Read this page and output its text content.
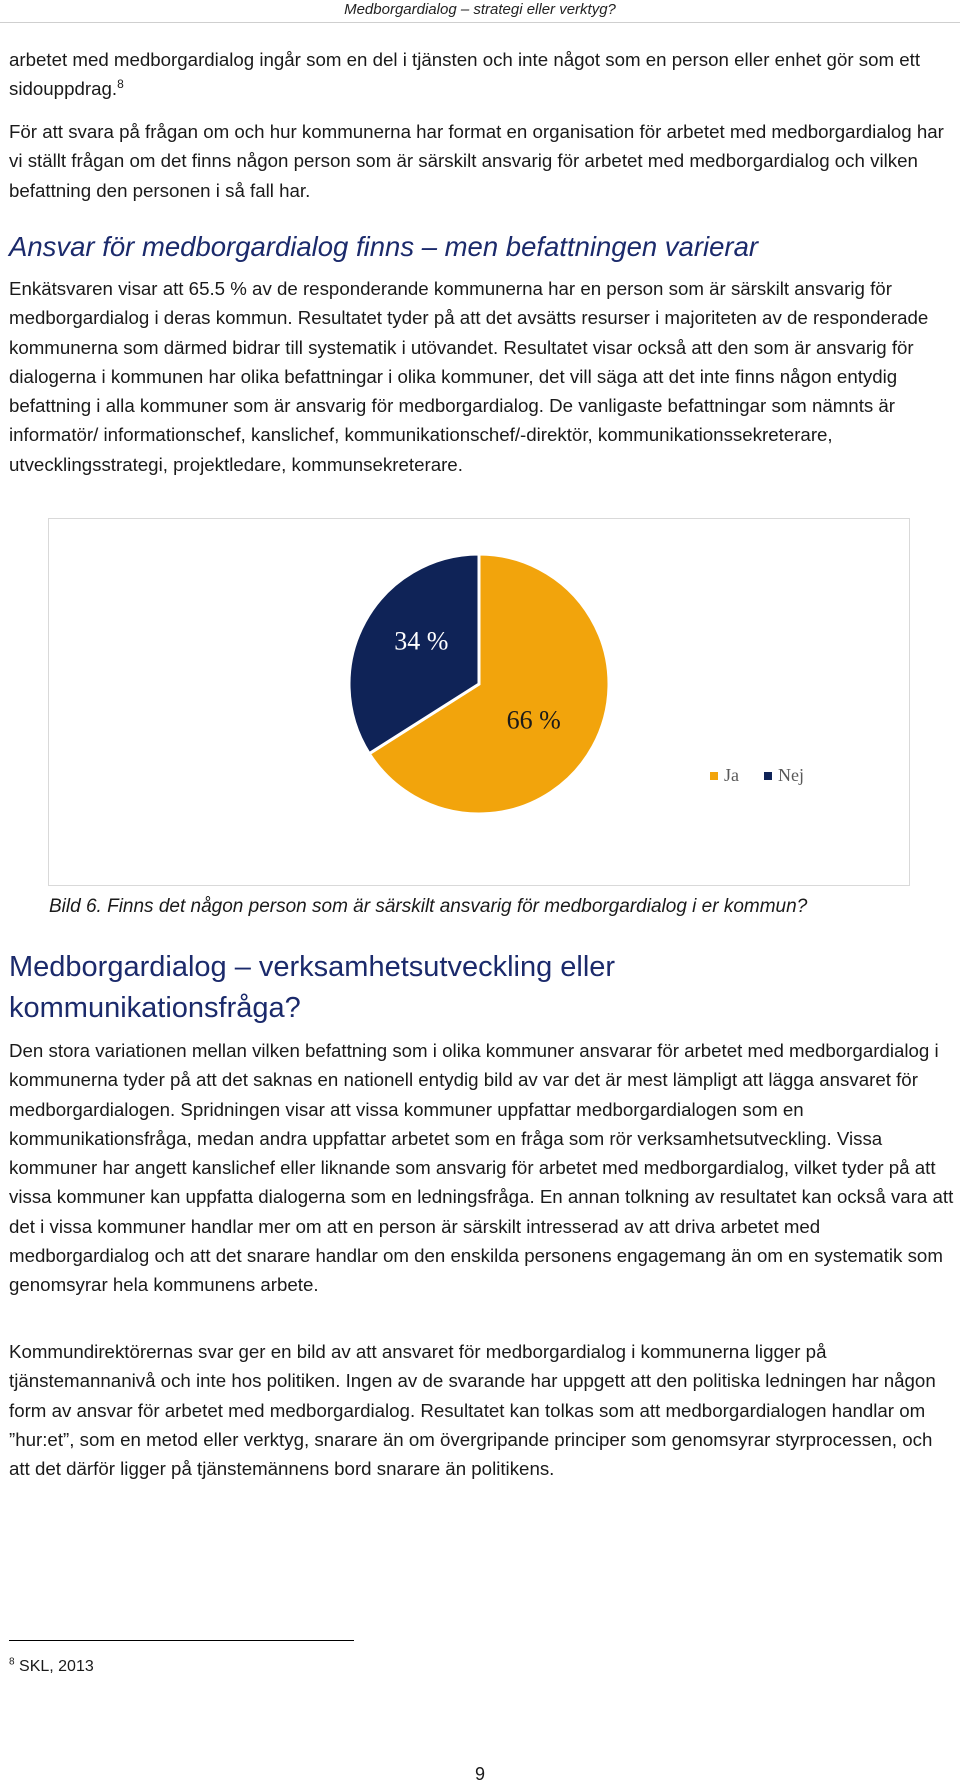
Medborgardialog – strategi eller verktyg?

arbetet med medborgardialog ingår som en del i tjänsten och inte något som en person eller enhet gör som ett sidouppdrag.$^8$

För att svara på frågan om och hur kommunerna har format en organisation för arbetet med medborgardialog har vi ställt frågan om det finns någon person som är särskilt ansvarig för arbetet med medborgardialog och vilken befattning den personen i så fall har.

Ansvar för medborgardialog finns – men befattningen varierar

Enkätsvaren visar att 65.5 % av de responderande kommunerna har en person som är särskilt ansvarig för medborgardialog i deras kommun. Resultatet tyder på att det avsätts resurser i majoriteten av de responderade kommunerna som därmed bidrar till systematik i utövandet. Resultatet visar också att den som är ansvarig för dialogerna i kommunen har olika befattningar i olika kommuner, det vill säga att det inte finns någon entydig befattning i alla kommuner som är ansvarig för medborgardialog. De vanligaste befattningar som nämnts är informatör/ informationschef, kanslichef, kommunikationschef/-direktör, kommunikationssekreterare, utvecklingsstrategi, projektledare, kommunsekreterare.

66 %
34 %
Ja Nej

Bild 6. Finns det någon person som är särskilt ansvarig för medborgardialog i er kommun?

Medborgardialog – verksamhetsutveckling eller kommunikationsfråga?

Den stora variationen mellan vilken befattning som i olika kommuner ansvarar för arbetet med medborgardialog i kommunerna tyder på att det saknas en nationell entydig bild av var det är mest lämpligt att lägga ansvaret för medborgardialogen. Spridningen visar att vissa kommuner uppfattar medborgardialogen som en kommunikationsfråga, medan andra uppfattar arbetet som en fråga som rör verksamhetsutveckling. Vissa kommuner har angett kanslichef eller liknande som ansvarig för arbetet med medborgardialog, vilket tyder på att vissa kommuner kan uppfatta dialogerna som en ledningsfråga. En annan tolkning av resultatet kan också vara att det i vissa kommuner handlar mer om att en person är särskilt intresserad av att driva arbetet med medborgardialog och att det snarare handlar om den enskilda personens engagemang än om en systematik som genomsyrar hela kommunens arbete.

Kommundirektörernas svar ger en bild av att ansvaret för medborgardialog i kommunerna ligger på tjänstemannanivå och inte hos politiken. Ingen av de svarande har uppgett att den politiska ledningen har någon form av ansvar för arbetet med medborgardialog. Resultatet kan tolkas som att medborgardialogen handlar om ”hur:et”, som en metod eller verktyg, snarare än om övergripande principer som genomsyrar styrprocessen, och att det därför ligger på tjänstemännens bord snarare än politikens.

$^8$ SKL, 2013

9
